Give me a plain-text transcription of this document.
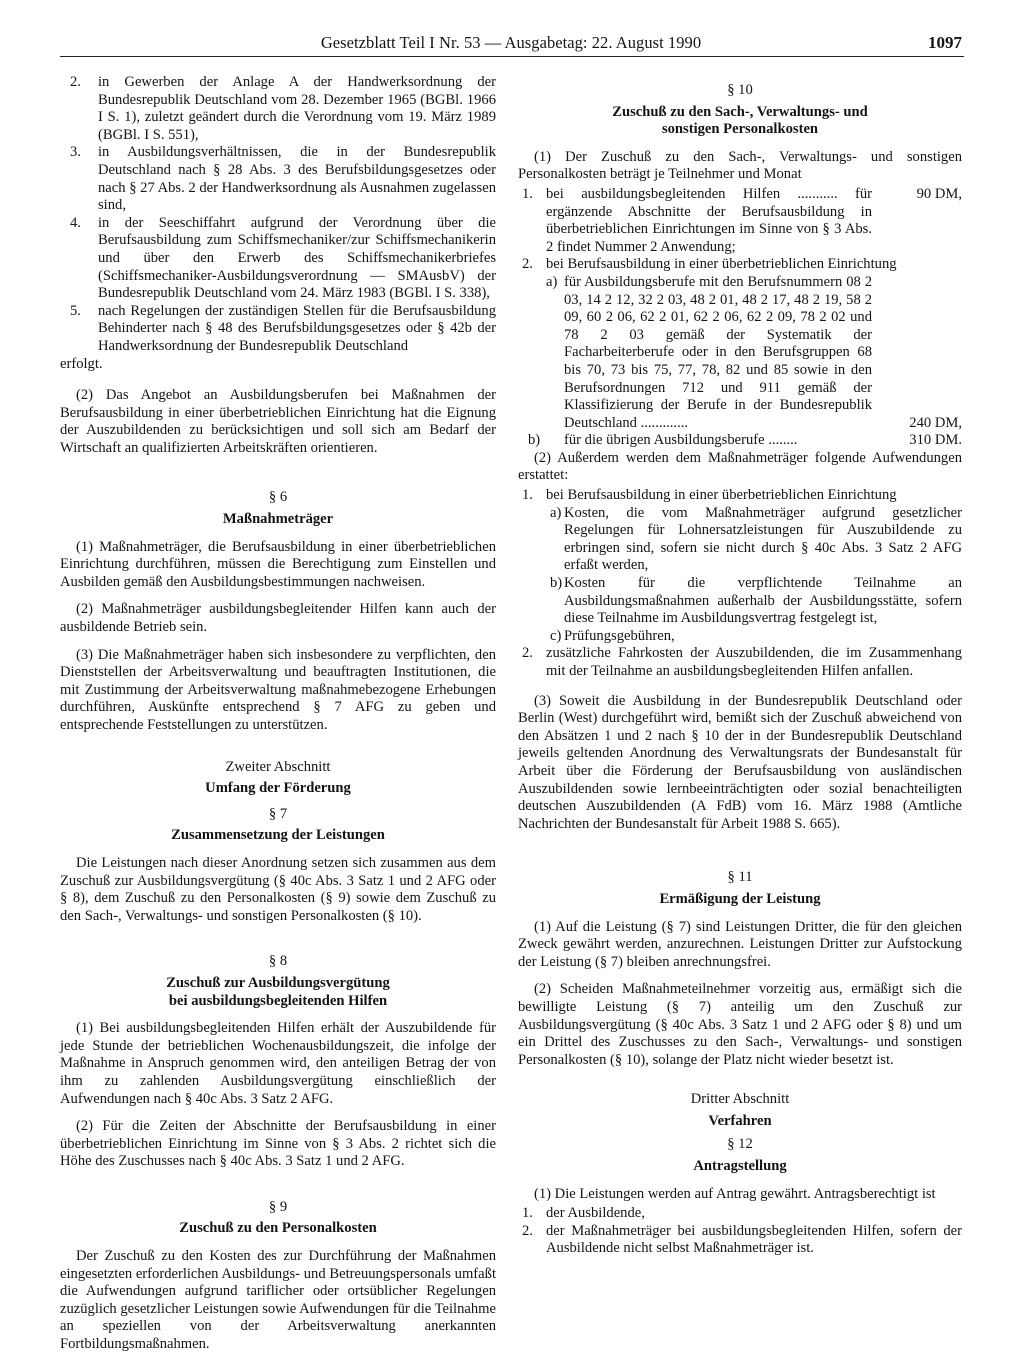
Gesetzblatt Teil I Nr. 53 — Ausgabetag: 22. August 1990	1097
2. in Gewerben der Anlage A der Handwerksordnung der Bundesrepublik Deutschland vom 28. Dezember 1965 (BGBl. 1966 I S. 1), zuletzt geändert durch die Verordnung vom 19. März 1989 (BGBl. I S. 551),
3. in Ausbildungsverhältnissen, die in der Bundesrepublik Deutschland nach § 28 Abs. 3 des Berufsbildungsgesetzes oder nach § 27 Abs. 2 der Handwerksordnung als Ausnahmen zugelassen sind,
4. in der Seeschiffahrt aufgrund der Verordnung über die Berufsausbildung zum Schiffsmechaniker/zur Schiffsmechanikerin und über den Erwerb des Schiffsmechanikerbriefes (Schiffsmechaniker-Ausbildungsverordnung — SMAusbV) der Bundesrepublik Deutschland vom 24. März 1983 (BGBl. I S. 338),
5. nach Regelungen der zuständigen Stellen für die Berufsausbildung Behinderter nach § 48 des Berufsbildungsgesetzes oder § 42b der Handwerksordnung der Bundesrepublik Deutschland

erfolgt.

(2) Das Angebot an Ausbildungsberufen bei Maßnahmen der Berufsausbildung in einer überbetrieblichen Einrichtung hat die Eignung der Auszubildenden zu berücksichtigen und soll sich am Bedarf der Wirtschaft an qualifizierten Arbeitskräften orientieren.

§ 6
Maßnahmeträger

(1) Maßnahmeträger, die Berufsausbildung in einer überbetrieblichen Einrichtung durchführen, müssen die Berechtigung zum Einstellen und Ausbilden gemäß den Ausbildungsbestimmungen nachweisen.

(2) Maßnahmeträger ausbildungsbegleitender Hilfen kann auch der ausbildende Betrieb sein.

(3) Die Maßnahmeträger haben sich insbesondere zu verpflichten, den Dienststellen der Arbeitsverwaltung und beauftragten Institutionen, die mit Zustimmung der Arbeitsverwaltung maßnahmebezogene Erhebungen durchführen, Auskünfte entsprechend § 7 AFG zu geben und entsprechende Feststellungen zu unterstützen.

Zweiter Abschnitt
Umfang der Förderung
§ 7
Zusammensetzung der Leistungen

Die Leistungen nach dieser Anordnung setzen sich zusammen aus dem Zuschuß zur Ausbildungsvergütung (§ 40c Abs. 3 Satz 1 und 2 AFG oder § 8), dem Zuschuß zu den Personalkosten (§ 9) sowie dem Zuschuß zu den Sach-, Verwaltungs- und sonstigen Personalkosten (§ 10).

§ 8
Zuschuß zur Ausbildungsvergütung
bei ausbildungsbegleitenden Hilfen

(1) Bei ausbildungsbegleitenden Hilfen erhält der Auszubildende für jede Stunde der betrieblichen Wochenausbildungszeit, die infolge der Maßnahme in Anspruch genommen wird, den anteiligen Betrag der von ihm zu zahlenden Ausbildungsvergütung einschließlich der Aufwendungen nach § 40c Abs. 3 Satz 2 AFG.

(2) Für die Zeiten der Abschnitte der Berufsausbildung in einer überbetrieblichen Einrichtung im Sinne von § 3 Abs. 2 richtet sich die Höhe des Zuschusses nach § 40c Abs. 3 Satz 1 und 2 AFG.

§ 9
Zuschuß zu den Personalkosten

Der Zuschuß zu den Kosten des zur Durchführung der Maßnahmen eingesetzten erforderlichen Ausbildungs- und Betreuungspersonals umfaßt die Aufwendungen aufgrund tariflicher oder ortsüblicher Regelungen zuzüglich gesetzlicher Leistungen sowie Aufwendungen für die Teilnahme an speziellen von der Arbeitsverwaltung anerkannten Fortbildungsmaßnahmen.

§ 10
Zuschuß zu den Sach-, Verwaltungs- und
sonstigen Personalkosten

(1) Der Zuschuß zu den Sach-, Verwaltungs- und sonstigen Personalkosten beträgt je Teilnehmer und Monat

1. bei ausbildungsbegleitenden Hilfen ........... für ergänzende Abschnitte der Berufsausbildung in überbetrieblichen Einrichtungen im Sinne von § 3 Abs. 2 findet Nummer 2 Anwendung;
90 DM,
2. bei Berufsausbildung in einer überbetrieblichen Einrichtung
a) für Ausbildungsberufe mit den Berufsnummern 08 2 03, 14 2 12, 32 2 03, 48 2 01, 48 2 17, 48 2 19, 58 2 09, 60 2 06, 62 2 01, 62 2 06, 62 2 09, 78 2 02 und 78 2 03 gemäß der Systematik der Facharbeiterberufe oder in den Berufsgruppen 68 bis 70, 73 bis 75, 77, 78, 82 und 85 sowie in den Berufsordnungen 712 und 911 gemäß der Klassifizierung der Berufe in der Bundesrepublik Deutschland .............	240 DM,
b) für die übrigen Ausbildungsberufe ........	310 DM.

(2) Außerdem werden dem Maßnahmeträger folgende Aufwendungen erstattet:

1. bei Berufsausbildung in einer überbetrieblichen Einrichtung
a) Kosten, die vom Maßnahmeträger aufgrund gesetzlicher Regelungen für Lohnersatzleistungen für Auszubildende zu erbringen sind, sofern sie nicht durch § 40c Abs. 3 Satz 2 AFG erfaßt werden,
b) Kosten für die verpflichtende Teilnahme an Ausbildungsmaßnahmen außerhalb der Ausbildungsstätte, sofern diese Teilnahme im Ausbildungsvertrag festgelegt ist,
c) Prüfungsgebühren,
2. zusätzliche Fahrkosten der Auszubildenden, die im Zusammenhang mit der Teilnahme an ausbildungsbegleitenden Hilfen anfallen.

(3) Soweit die Ausbildung in der Bundesrepublik Deutschland oder Berlin (West) durchgeführt wird, bemißt sich der Zuschuß abweichend von den Absätzen 1 und 2 nach § 10 der in der Bundesrepublik Deutschland jeweils geltenden Anordnung des Verwaltungsrats der Bundesanstalt für Arbeit über die Förderung der Berufsausbildung von ausländischen Auszubildenden sowie lernbeeinträchtigten oder sozial benachteiligten deutschen Auszubildenden (A FdB) vom 16. März 1988 (Amtliche Nachrichten der Bundesanstalt für Arbeit 1988 S. 665).

§ 11
Ermäßigung der Leistung

(1) Auf die Leistung (§ 7) sind Leistungen Dritter, die für den gleichen Zweck gewährt werden, anzurechnen. Leistungen Dritter zur Aufstockung der Leistung (§ 7) bleiben anrechnungsfrei.

(2) Scheiden Maßnahmeteilnehmer vorzeitig aus, ermäßigt sich die bewilligte Leistung (§ 7) anteilig um den Zuschuß zur Ausbildungsvergütung (§ 40c Abs. 3 Satz 1 und 2 AFG oder § 8) und um ein Drittel des Zuschusses zu den Sach-, Verwaltungs- und sonstigen Personalkosten (§ 10), solange der Platz nicht wieder besetzt ist.

Dritter Abschnitt
Verfahren
§ 12
Antragstellung

(1) Die Leistungen werden auf Antrag gewährt. Antragsberechtigt ist

1. der Ausbildende,
2. der Maßnahmeträger bei ausbildungsbegleitenden Hilfen, sofern der Ausbildende nicht selbst Maßnahmeträger ist.
